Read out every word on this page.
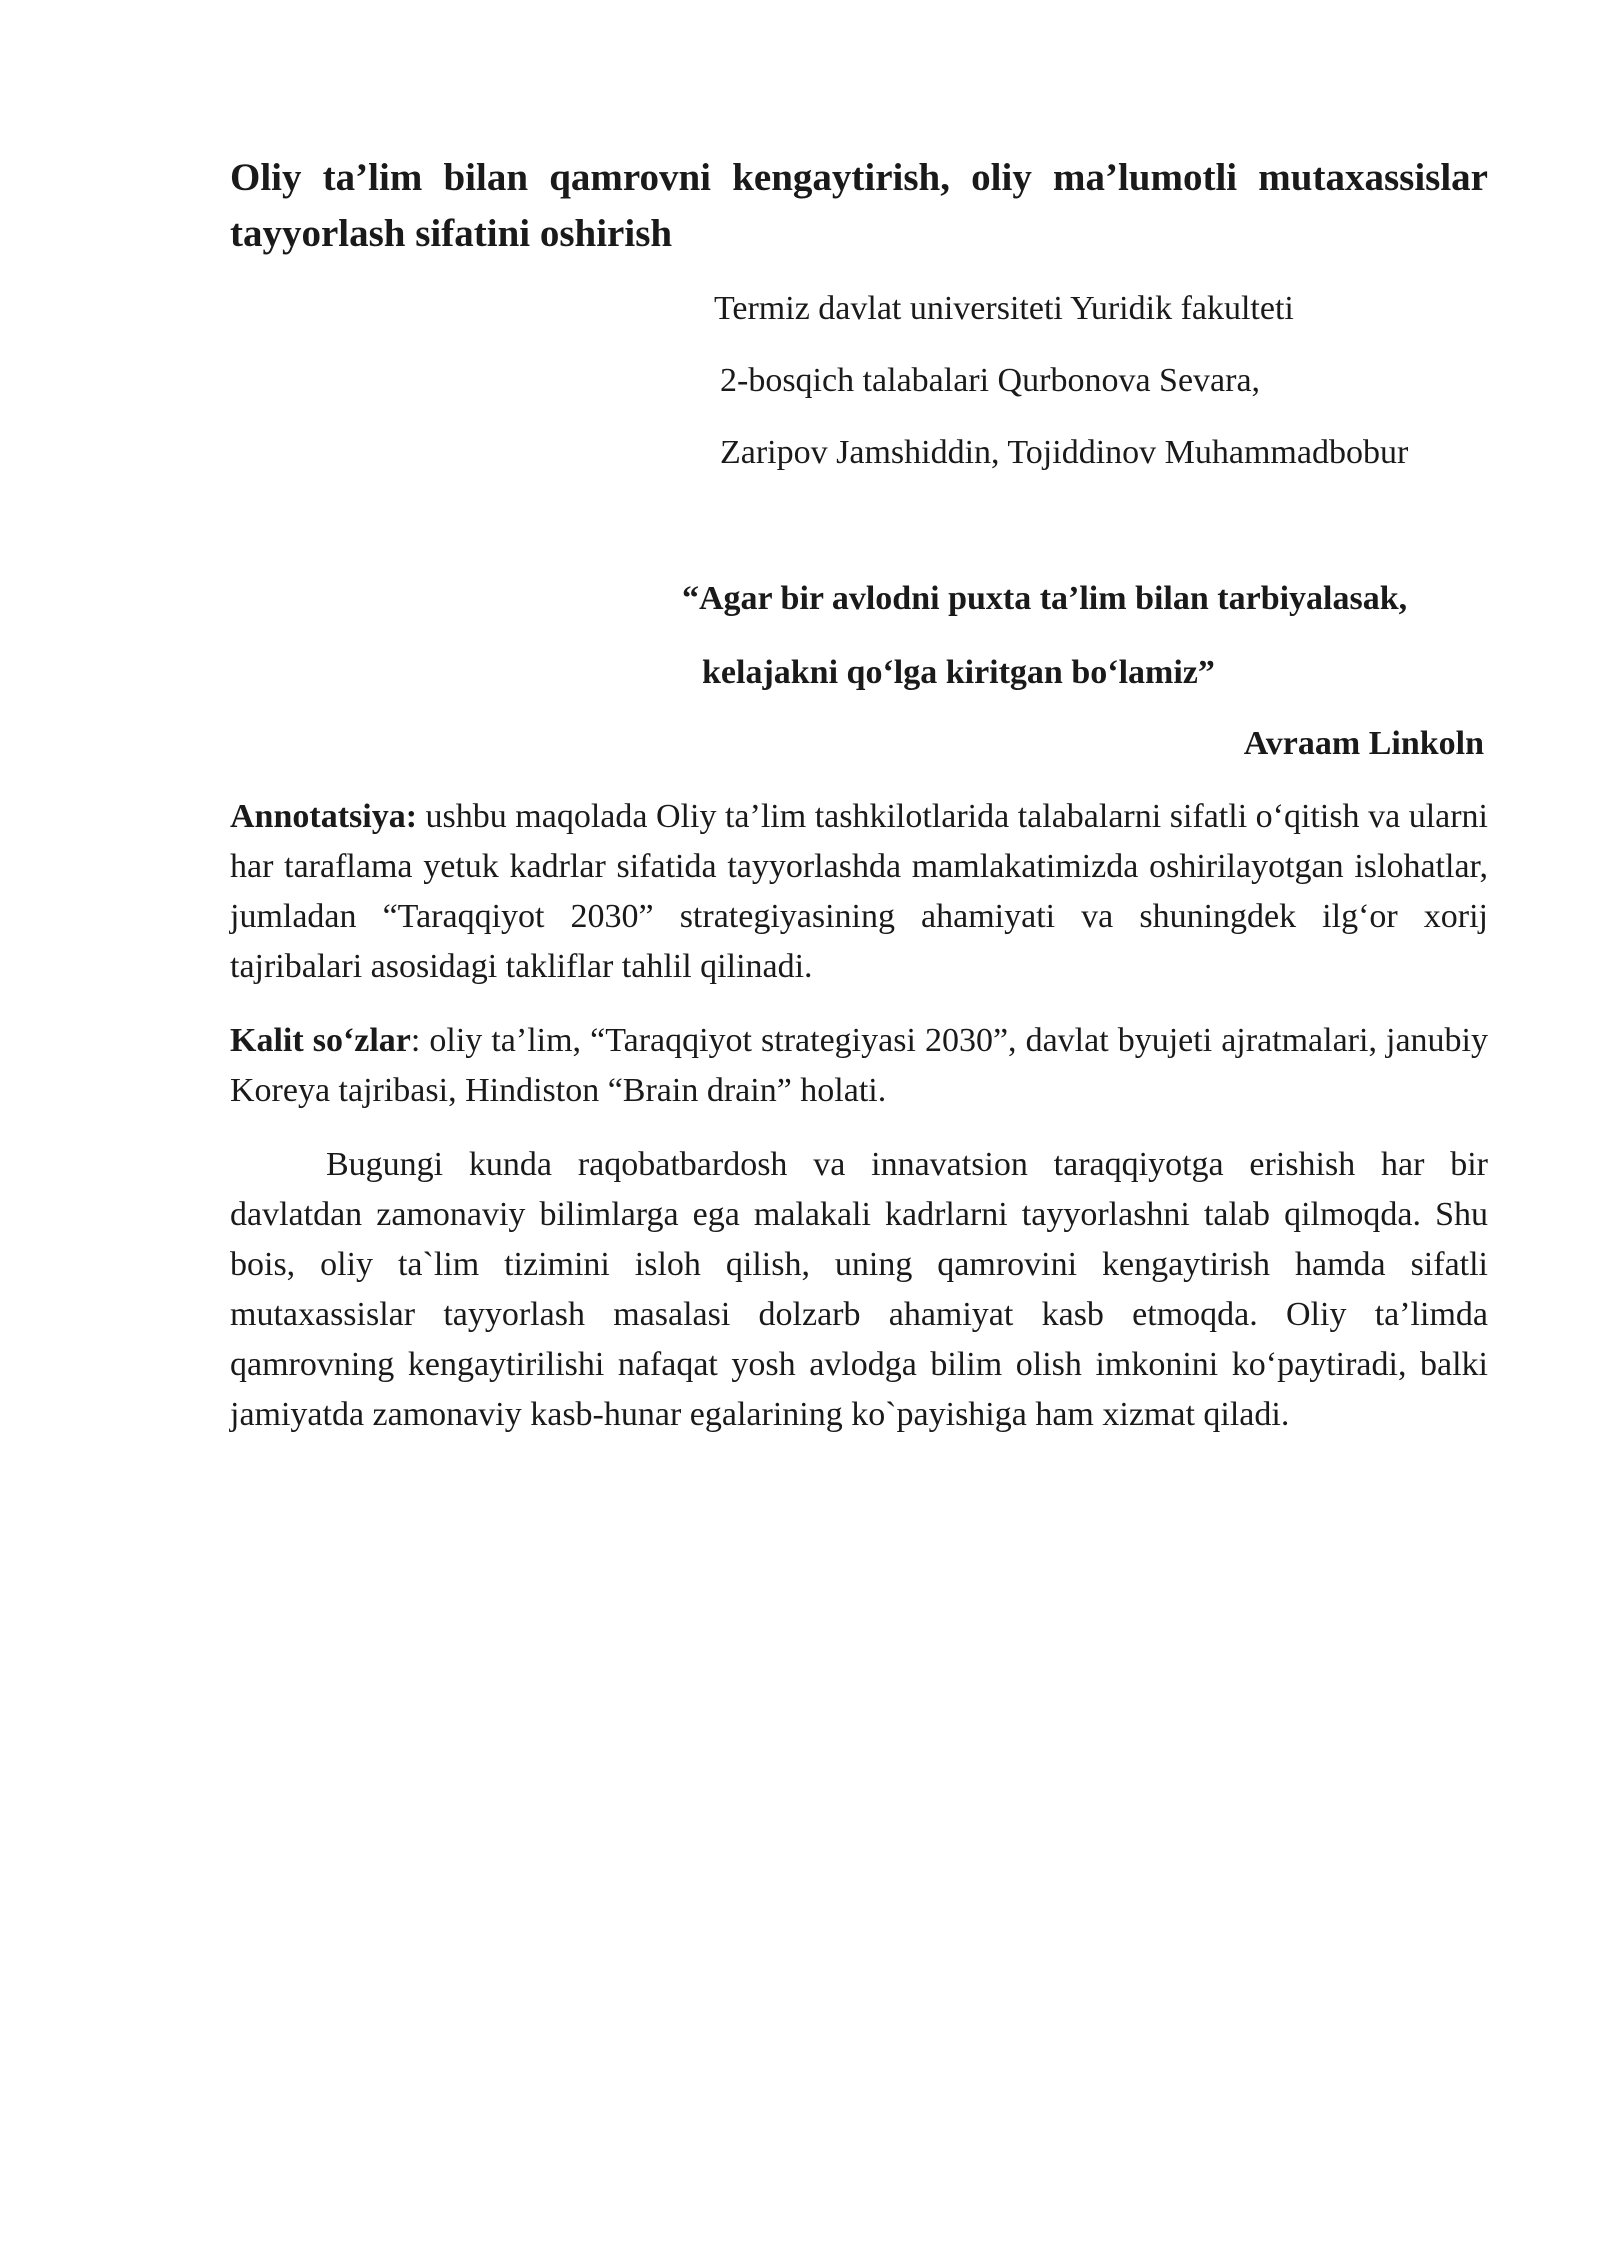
Oliy ta’lim bilan qamrovni kengaytirish, oliy ma’lumotli mutaxassislar tayyorlash sifatini oshirish

Termiz davlat universiteti Yuridik fakulteti

2-bosqich talabalari Qurbonova Sevara,

Zaripov Jamshiddin, Tojiddinov Muhammadbobur

“Agar bir avlodni puxta ta’lim bilan tarbiyalasak,

kelajakni qo‘lga kiritgan bo‘lamiz”

Avraam Linkoln

Annotatsiya: ushbu maqolada Oliy ta’lim tashkilotlarida talabalarni sifatli o‘qitish va ularni har taraflama yetuk kadrlar sifatida tayyorlashda mamlakatimizda oshirilayotgan islohatlar, jumladan “Taraqqiyot 2030” strategiyasining ahamiyati va shuningdek ilg‘or xorij tajribalari asosidagi takliflar tahlil qilinadi.

Kalit so‘zlar: oliy ta’lim, “Taraqqiyot strategiyasi 2030”, davlat byujeti ajratmalari, janubiy Koreya tajribasi, Hindiston “Brain drain” holati.

Bugungi kunda raqobatbardosh va innavatsion taraqqiyotga erishish har bir davlatdan zamonaviy bilimlarga ega malakali kadrlarni tayyorlashni talab qilmoqda. Shu bois, oliy ta`lim tizimini isloh qilish, uning qamrovini kengaytirish hamda sifatli mutaxassislar tayyorlash masalasi dolzarb ahamiyat kasb etmoqda. Oliy ta’limda qamrovning kengaytirilishi nafaqat yosh avlodga bilim olish imkonini ko‘paytiradi, balki jamiyatda zamonaviy kasb-hunar egalarining ko`payishiga ham xizmat qiladi.
